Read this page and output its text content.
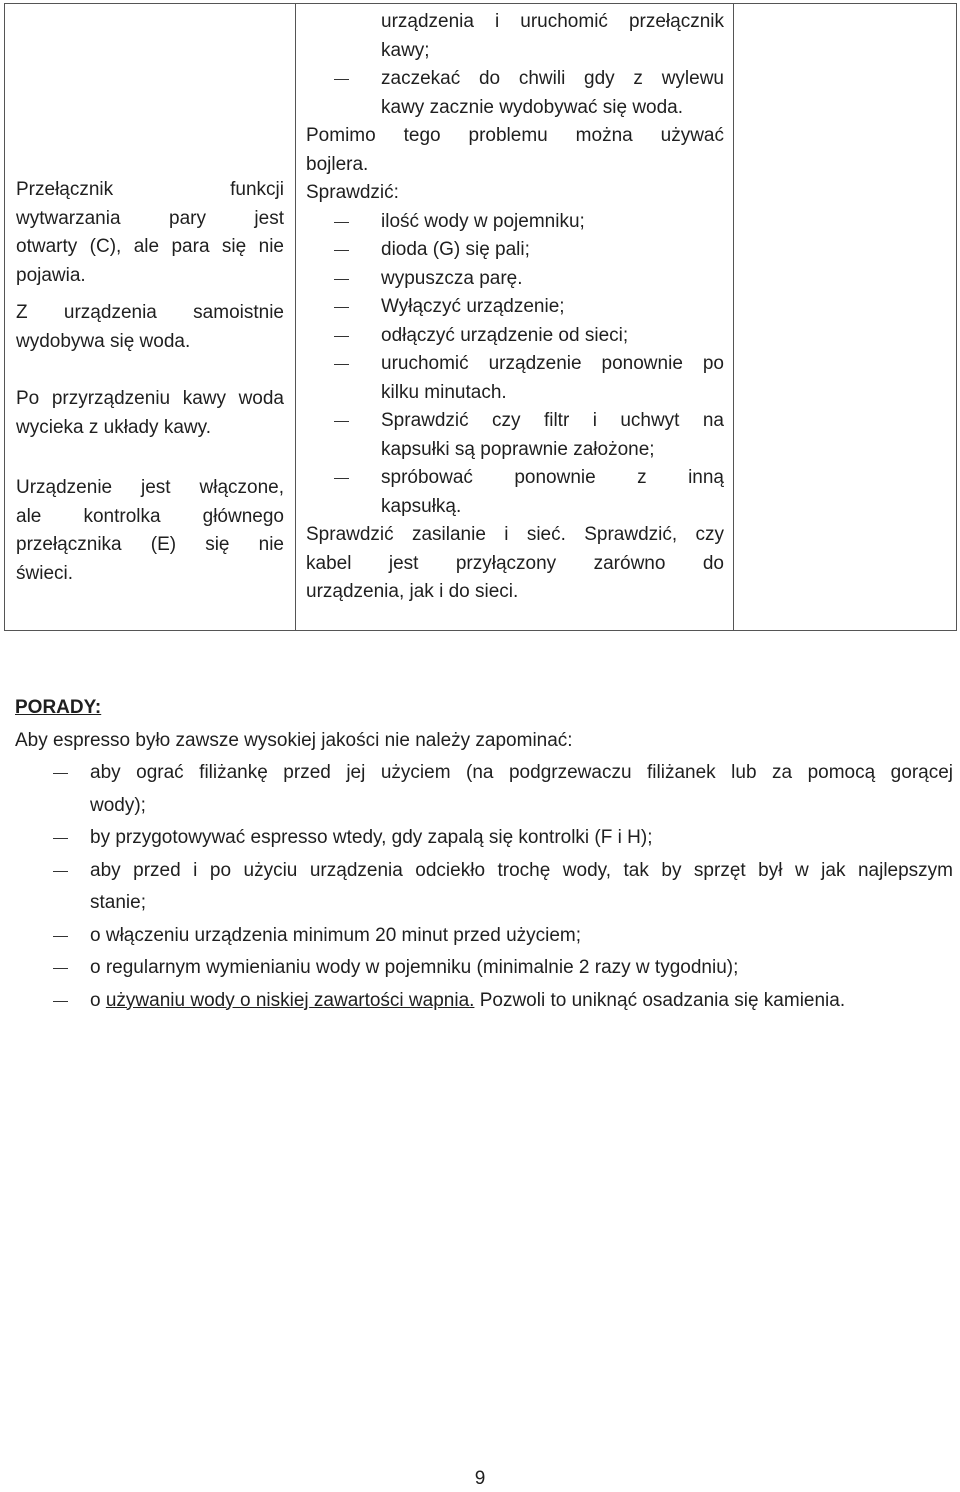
Przełącznik funkcji
wytwarzania pary jest
otwarty (C), ale para się nie
pojawia.
Z urządzenia samoistnie
wydobywa się woda.
Po przyrządzeniu kawy woda
wycieka z układy kawy.
Urządzenie jest włączone,
ale kontrolka głównego
przełącznika (E) się nie
świeci.
urządzenia i uruchomić przełącznik
kawy;
zaczekać do chwili gdy z wylewu
kawy zacznie wydobywać się woda.
Pomimo tego problemu można używać
bojlera.
Sprawdzić:
ilość wody w pojemniku;
dioda (G) się pali;
wypuszcza parę.
Wyłączyć urządzenie;
odłączyć urządzenie od sieci;
uruchomić urządzenie ponownie po
kilku minutach.
Sprawdzić czy filtr i uchwyt na
kapsułki są poprawnie założone;
spróbować ponownie z inną
kapsułką.
Sprawdzić zasilanie i sieć. Sprawdzić, czy
kabel jest przyłączony zarówno do
urządzenia, jak i do sieci.
PORADY:
Aby espresso było zawsze wysokiej jakości nie należy zapominać:
aby ograć filiżankę przed jej użyciem (na podgrzewaczu filiżanek lub za pomocą gorącej
wody);
by przygotowywać espresso wtedy, gdy zapalą się kontrolki (F i H);
aby przed i po użyciu urządzenia odciekło trochę wody, tak by sprzęt był w jak najlepszym
stanie;
o włączeniu urządzenia minimum 20 minut przed użyciem;
o regularnym wymienianiu wody w pojemniku (minimalnie 2 razy w tygodniu);
o używaniu wody o niskiej zawartości wapnia. Pozwoli to uniknąć osadzania się kamienia.
9
